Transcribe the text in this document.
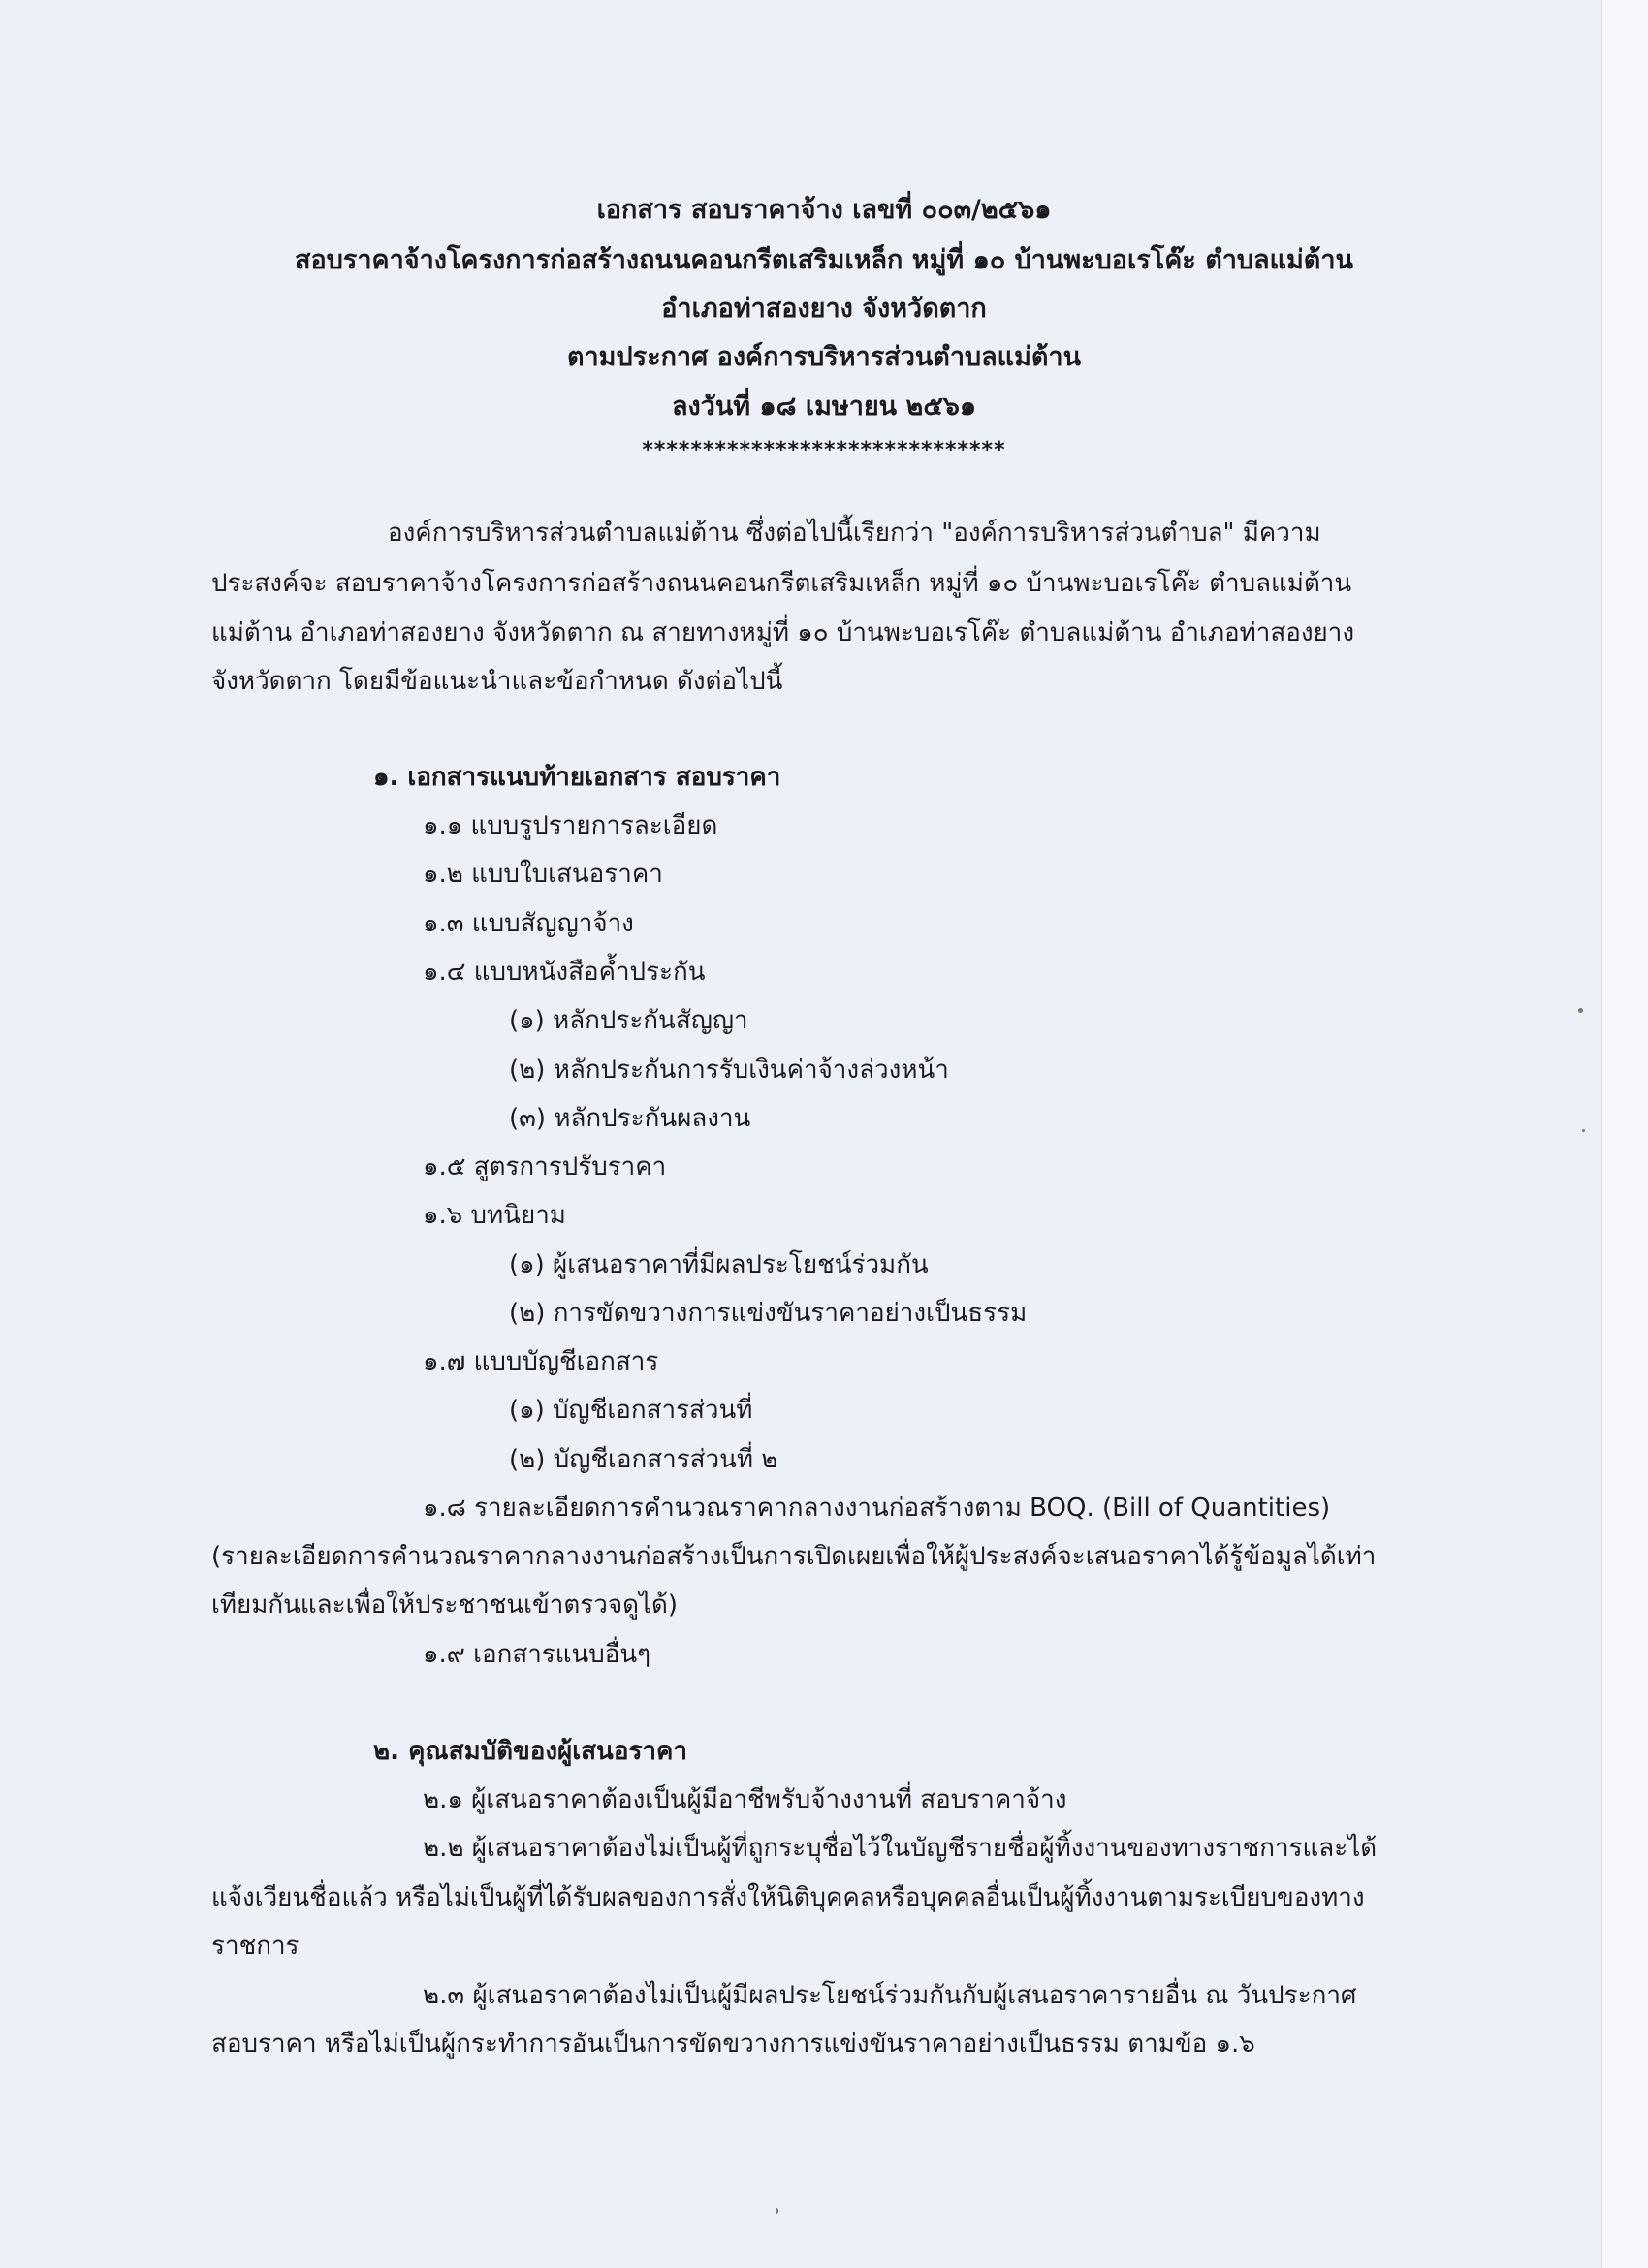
เอกสาร สอบราคาจ้าง เลขที่ ๐๐๓/๒๕๖๑
สอบราคาจ้างโครงการก่อสร้างถนนคอนกรีตเสริมเหล็ก หมู่ที่ ๑๐ บ้านพะบอเรโค๊ะ ตำบลแม่ต้าน
อำเภอท่าสองยาง จังหวัดตาก
ตามประกาศ องค์การบริหารส่วนตำบลแม่ต้าน
ลงวันที่ ๑๘ เมษายน ๒๕๖๑
******************************
องค์การบริหารส่วนตำบลแม่ต้าน ซึ่งต่อไปนี้เรียกว่า "องค์การบริหารส่วนตำบล" มีความ
ประสงค์จะ สอบราคาจ้างโครงการก่อสร้างถนนคอนกรีตเสริมเหล็ก หมู่ที่ ๑๐ บ้านพะบอเรโค๊ะ ตำบลแม่ต้าน
แม่ต้าน อำเภอท่าสองยาง จังหวัดตาก ณ สายทางหมู่ที่ ๑๐ บ้านพะบอเรโค๊ะ ตำบลแม่ต้าน อำเภอท่าสองยาง
จังหวัดตาก โดยมีข้อแนะนำและข้อกำหนด ดังต่อไปนี้
๑. เอกสารแนบท้ายเอกสาร สอบราคา
๑.๑ แบบรูปรายการละเอียด
๑.๒ แบบใบเสนอราคา
๑.๓ แบบสัญญาจ้าง
๑.๔ แบบหนังสือค้ำประกัน
(๑) หลักประกันสัญญา
(๒) หลักประกันการรับเงินค่าจ้างล่วงหน้า
(๓) หลักประกันผลงาน
๑.๕ สูตรการปรับราคา
๑.๖ บทนิยาม
(๑) ผู้เสนอราคาที่มีผลประโยชน์ร่วมกัน
(๒) การขัดขวางการแข่งขันราคาอย่างเป็นธรรม
๑.๗ แบบบัญชีเอกสาร
(๑) บัญชีเอกสารส่วนที่
(๒) บัญชีเอกสารส่วนที่ ๒
๑.๘ รายละเอียดการคำนวณราคากลางงานก่อสร้างตาม BOQ. (Bill of Quantities)
(รายละเอียดการคำนวณราคากลางงานก่อสร้างเป็นการเปิดเผยเพื่อให้ผู้ประสงค์จะเสนอราคาได้รู้ข้อมูลได้เท่า
เทียมกันและเพื่อให้ประชาชนเข้าตรวจดูได้)
๑.๙ เอกสารแนบอื่นๆ
๒. คุณสมบัติของผู้เสนอราคา
๒.๑ ผู้เสนอราคาต้องเป็นผู้มีอาชีพรับจ้างงานที่ สอบราคาจ้าง
๒.๒ ผู้เสนอราคาต้องไม่เป็นผู้ที่ถูกระบุชื่อไว้ในบัญชีรายชื่อผู้ทิ้งงานของทางราชการและได้
แจ้งเวียนชื่อแล้ว หรือไม่เป็นผู้ที่ได้รับผลของการสั่งให้นิติบุคคลหรือบุคคลอื่นเป็นผู้ทิ้งงานตามระเบียบของทาง
ราชการ
๒.๓ ผู้เสนอราคาต้องไม่เป็นผู้มีผลประโยชน์ร่วมกันกับผู้เสนอราคารายอื่น ณ วันประกาศ
สอบราคา หรือไม่เป็นผู้กระทำการอันเป็นการขัดขวางการแข่งขันราคาอย่างเป็นธรรม ตามข้อ ๑.๖
